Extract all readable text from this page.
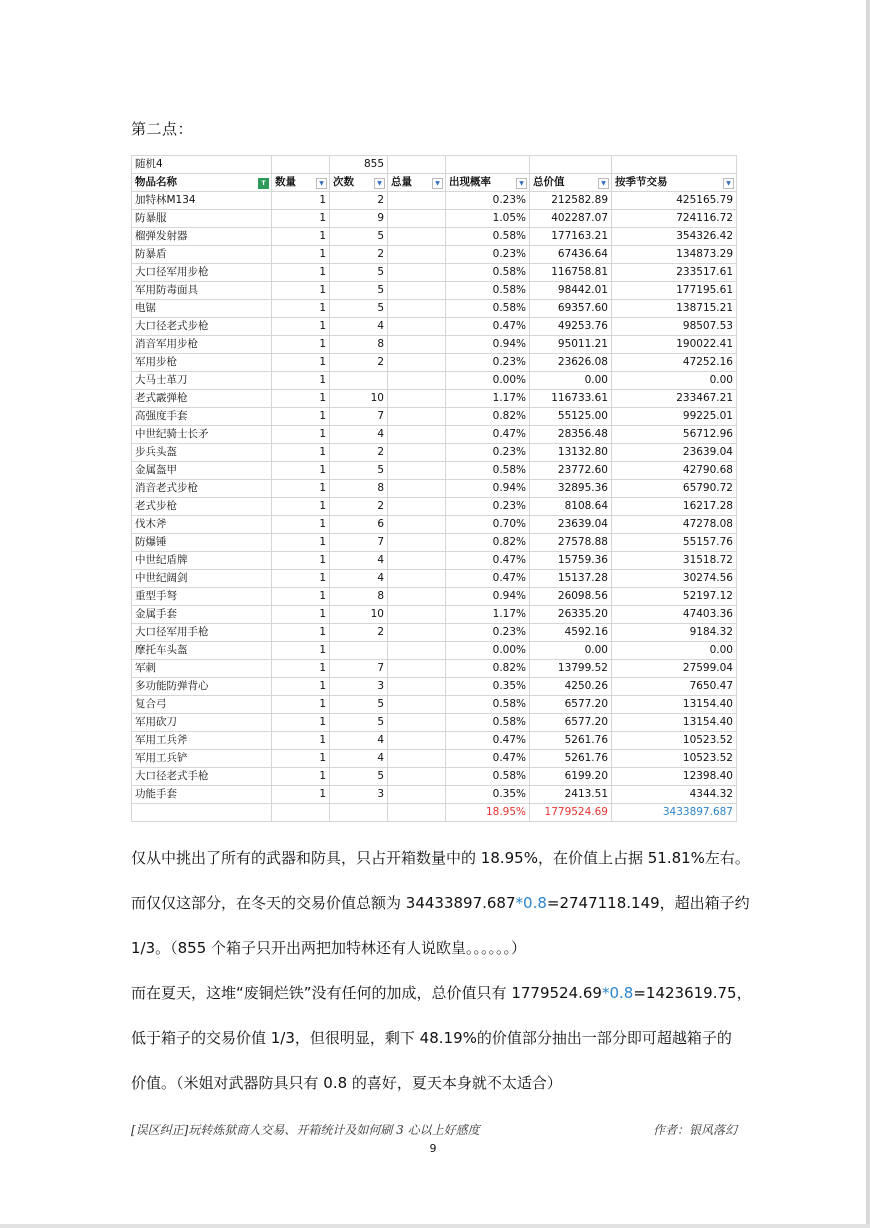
第二点：
随机4		855				
物品名称 T	数量 ▼	次数 ▼	总量 ▼	出现概率 ▼	总价值 ▼	按季节交易 ▼

加特林M134	1	2		0.23%	212582.89	425165.79
防暴服	1	9		1.05%	402287.07	724116.72
榴弹发射器	1	5		0.58%	177163.21	354326.42
防暴盾	1	2		0.23%	67436.64	134873.29
大口径军用步枪	1	5		0.58%	116758.81	233517.61
军用防毒面具	1	5		0.58%	98442.01	177195.61
电锯	1	5		0.58%	69357.60	138715.21
大口径老式步枪	1	4		0.47%	49253.76	98507.53
消音军用步枪	1	8		0.94%	95011.21	190022.41
军用步枪	1	2		0.23%	23626.08	47252.16
大马士革刀	1			0.00%	0.00	0.00
老式霰弹枪	1	10		1.17%	116733.61	233467.21
高强度手套	1	7		0.82%	55125.00	99225.01
中世纪骑士长矛	1	4		0.47%	28356.48	56712.96
步兵头盔	1	2		0.23%	13132.80	23639.04
金属盔甲	1	5		0.58%	23772.60	42790.68
消音老式步枪	1	8		0.94%	32895.36	65790.72
老式步枪	1	2		0.23%	8108.64	16217.28
伐木斧	1	6		0.70%	23639.04	47278.08
防爆锤	1	7		0.82%	27578.88	55157.76
中世纪盾牌	1	4		0.47%	15759.36	31518.72
中世纪阔剑	1	4		0.47%	15137.28	30274.56
重型手弩	1	8		0.94%	26098.56	52197.12
金属手套	1	10		1.17%	26335.20	47403.36
大口径军用手枪	1	2		0.23%	4592.16	9184.32
摩托车头盔	1			0.00%	0.00	0.00
军刺	1	7		0.82%	13799.52	27599.04
多功能防弹背心	1	3		0.35%	4250.26	7650.47
复合弓	1	5		0.58%	6577.20	13154.40
军用砍刀	1	5		0.58%	6577.20	13154.40
军用工兵斧	1	4		0.47%	5261.76	10523.52
军用工兵铲	1	4		0.47%	5261.76	10523.52
大口径老式手枪	1	5		0.58%	6199.20	12398.40
功能手套	1	3		0.35%	2413.51	4344.32
				18.95%	1779524.69	3433897.687
仅从中挑出了所有的武器和防具，只占开箱数量中的 18.95%，在价值上占据 51.81%左右。
而仅仅这部分，在冬天的交易价值总额为 34433897.687*0.8=2747118.149，超出箱子约
1/3。（855 个箱子只开出两把加特林还有人说欧皇。。。。。。）
而在夏天，这堆“废铜烂铁”没有任何的加成，总价值只有 1779524.69*0.8=1423619.75，
低于箱子的交易价值 1/3，但很明显，剩下 48.19%的价值部分抽出一部分即可超越箱子的
价值。（米姐对武器防具只有 0.8 的喜好，夏天本身就不太适合）
[误区纠正]玩转炼狱商人交易、开箱统计及如何刷 3 心以上好感度	作者：银风落幻
9
